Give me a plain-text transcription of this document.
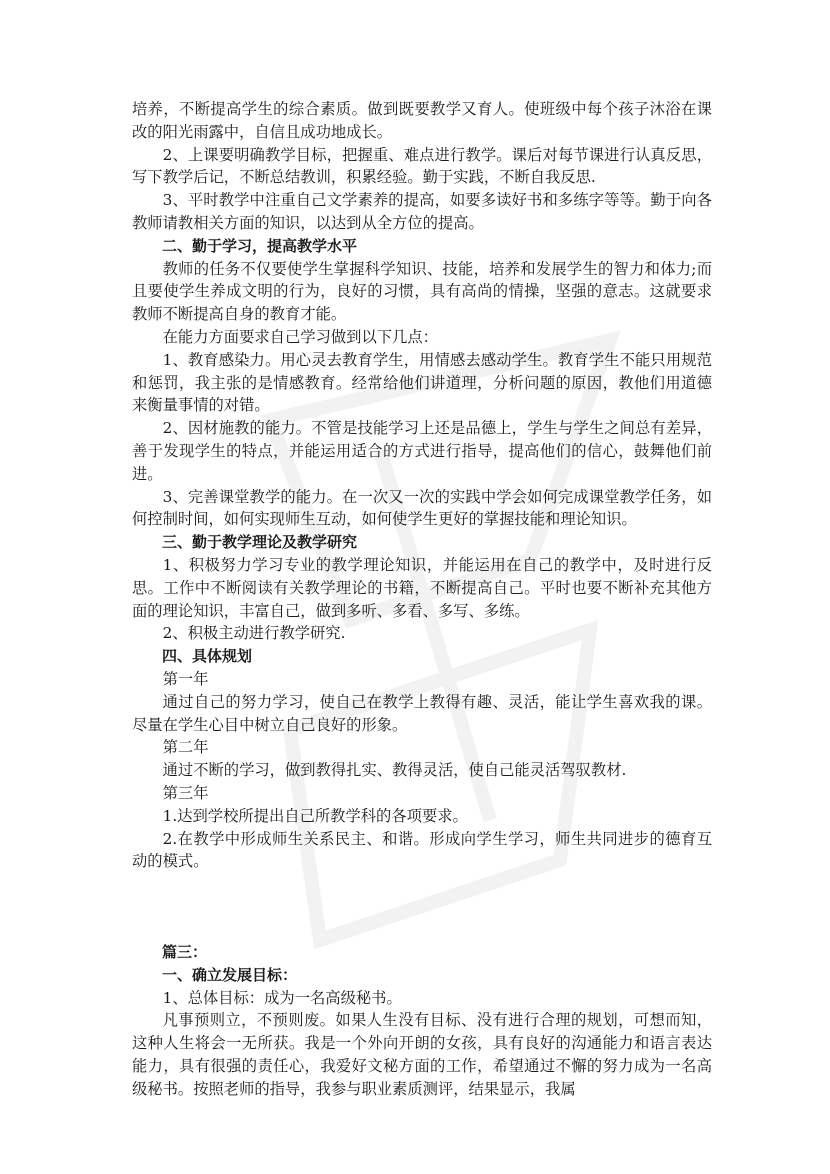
培养，不断提高学生的综合素质。做到既要教学又育人。使班级中每个孩子沐浴在课改的阳光雨露中，自信且成功地成长。

2、上课要明确教学目标，把握重、难点进行教学。课后对每节课进行认真反思，写下教学后记，不断总结教训，积累经验。勤于实践，不断自我反思.

3、平时教学中注重自己文学素养的提高，如要多读好书和多练字等等。勤于向各教师请教相关方面的知识，以达到从全方位的提高。

二、勤于学习，提高教学水平

教师的任务不仅要使学生掌握科学知识、技能，培养和发展学生的智力和体力;而且要使学生养成文明的行为，良好的习惯，具有高尚的情操，坚强的意志。这就要求教师不断提高自身的教育才能。

在能力方面要求自己学习做到以下几点：

1、教育感染力。用心灵去教育学生，用情感去感动学生。教育学生不能只用规范和惩罚，我主张的是情感教育。经常给他们讲道理，分析问题的原因，教他们用道德来衡量事情的对错。

2、因材施教的能力。不管是技能学习上还是品德上，学生与学生之间总有差异，善于发现学生的特点，并能运用适合的方式进行指导，提高他们的信心，鼓舞他们前进。

3、完善课堂教学的能力。在一次又一次的实践中学会如何完成课堂教学任务，如何控制时间，如何实现师生互动，如何使学生更好的掌握技能和理论知识。

三、勤于教学理论及教学研究

1、积极努力学习专业的教学理论知识，并能运用在自己的教学中，及时进行反思。工作中不断阅读有关教学理论的书籍，不断提高自己。平时也要不断补充其他方面的理论知识，丰富自己，做到多听、多看、多写、多练。

2、积极主动进行教学研究.

四、具体规划

第一年

通过自己的努力学习，使自己在教学上教得有趣、灵活，能让学生喜欢我的课。尽量在学生心目中树立自己良好的形象。

第二年

通过不断的学习，做到教得扎实、教得灵活，使自己能灵活驾驭教材.

第三年

1.达到学校所提出自己所教学科的各项要求。

2.在教学中形成师生关系民主、和谐。形成向学生学习，师生共同进步的德育互动的模式。

篇三：

一、确立发展目标：

1、总体目标：成为一名高级秘书。

凡事预则立，不预则废。如果人生没有目标、没有进行合理的规划，可想而知，这种人生将会一无所获。我是一个外向开朗的女孩，具有良好的沟通能力和语言表达能力，具有很强的责任心，我爱好文秘方面的工作，希望通过不懈的努力成为一名高级秘书。按照老师的指导，我参与职业素质测评，结果显示，我属
